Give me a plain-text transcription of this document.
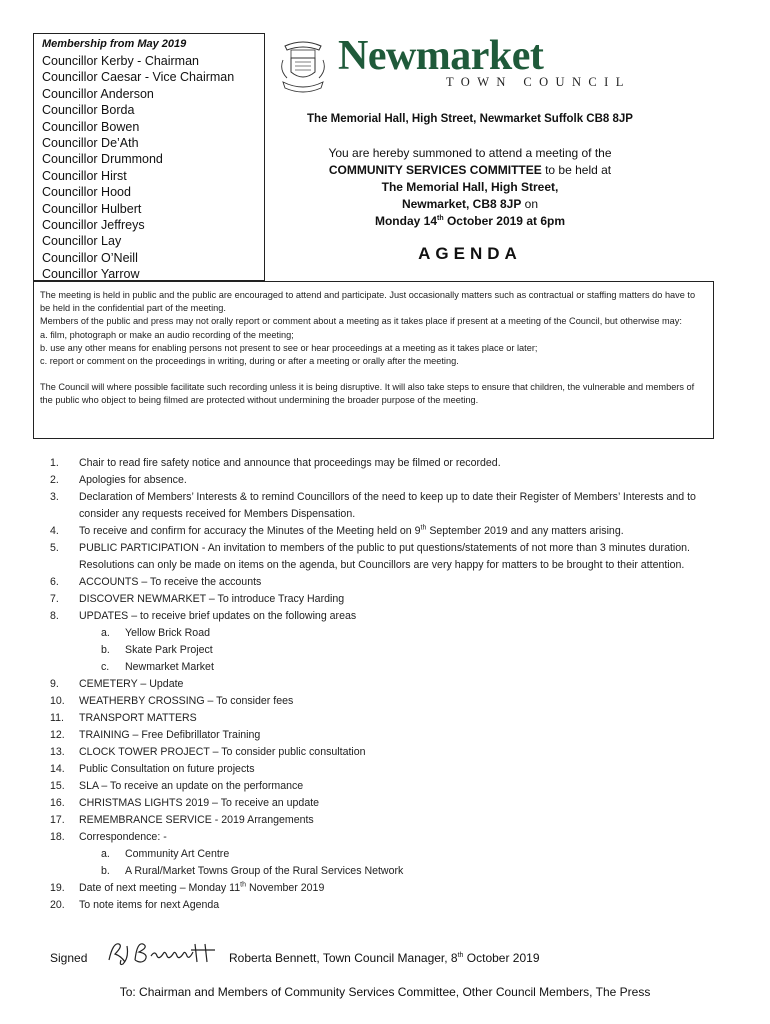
Membership from May 2019
Councillor Kerby - Chairman
Councillor Caesar - Vice Chairman
Councillor Anderson
Councillor Borda
Councillor Bowen
Councillor De’Ath
Councillor Drummond
Councillor Hirst
Councillor Hood
Councillor Hulbert
Councillor Jeffreys
Councillor Lay
Councillor O’Neill
Councillor Yarrow
Newmarket
TOWN COUNCIL
The Memorial Hall, High Street, Newmarket Suffolk CB8 8JP
You are hereby summoned to attend a meeting of the
COMMUNITY SERVICES COMMITTEE to be held at
The Memorial Hall, High Street,
Newmarket, CB8 8JP on
Monday 14th October 2019 at 6pm
AGENDA

The meeting is held in public and the public are encouraged to attend and participate. Just occasionally matters such as contractual or staffing matters do have to be held in the confidential part of the meeting.

Members of the public and press may not orally report or comment about a meeting as it takes place if present at a meeting of the Council, but otherwise may:

a. film, photograph or make an audio recording of the meeting;

b. use any other means for enabling persons not present to see or hear proceedings at a meeting as it takes place or later;

c. report or comment on the proceedings in writing, during or after a meeting or orally after the meeting.

The Council will where possible facilitate such recording unless it is being disruptive. It will also take steps to ensure that children, the vulnerable and members of the public who object to being filmed are protected without undermining the broader purpose of the meeting.

1.	Chair to read fire safety notice and announce that proceedings may be filmed or recorded.
2.	Apologies for absence.
3.	Declaration of Members’ Interests & to remind Councillors of the need to keep up to date their Register of Members’ Interests and to consider any requests received for Members Dispensation.
4.	To receive and confirm for accuracy the Minutes of the Meeting held on 9th September 2019 and any matters arising.
5.	PUBLIC PARTICIPATION - An invitation to members of the public to put questions/statements of not more than 3 minutes duration. Resolutions can only be made on items on the agenda, but Councillors are very happy for matters to be brought to their attention.
6.	ACCOUNTS – To receive the accounts
7.	DISCOVER NEWMARKET – To introduce Tracy Harding
8.	UPDATES – to receive brief updates on the following areas
a.	Yellow Brick Road
b.	Skate Park Project
c.	Newmarket Market
9.	CEMETERY – Update
10.	WEATHERBY CROSSING – To consider fees
11.	TRANSPORT MATTERS
12.	TRAINING – Free Defibrillator Training
13.	CLOCK TOWER PROJECT – To consider public consultation
14.	Public Consultation on future projects
15.	SLA – To receive an update on the performance
16.	CHRISTMAS LIGHTS 2019 – To receive an update
17.	REMEMBRANCE SERVICE - 2019 Arrangements
18.	Correspondence: -
a.	Community Art Centre
b.	A Rural/Market Towns Group of the Rural Services Network
19.	Date of next meeting – Monday 11th November 2019
20.	To note items for next Agenda
Signed	Roberta Bennett, Town Council Manager, 8th October 2019
To: Chairman and Members of Community Services Committee, Other Council Members, The Press
